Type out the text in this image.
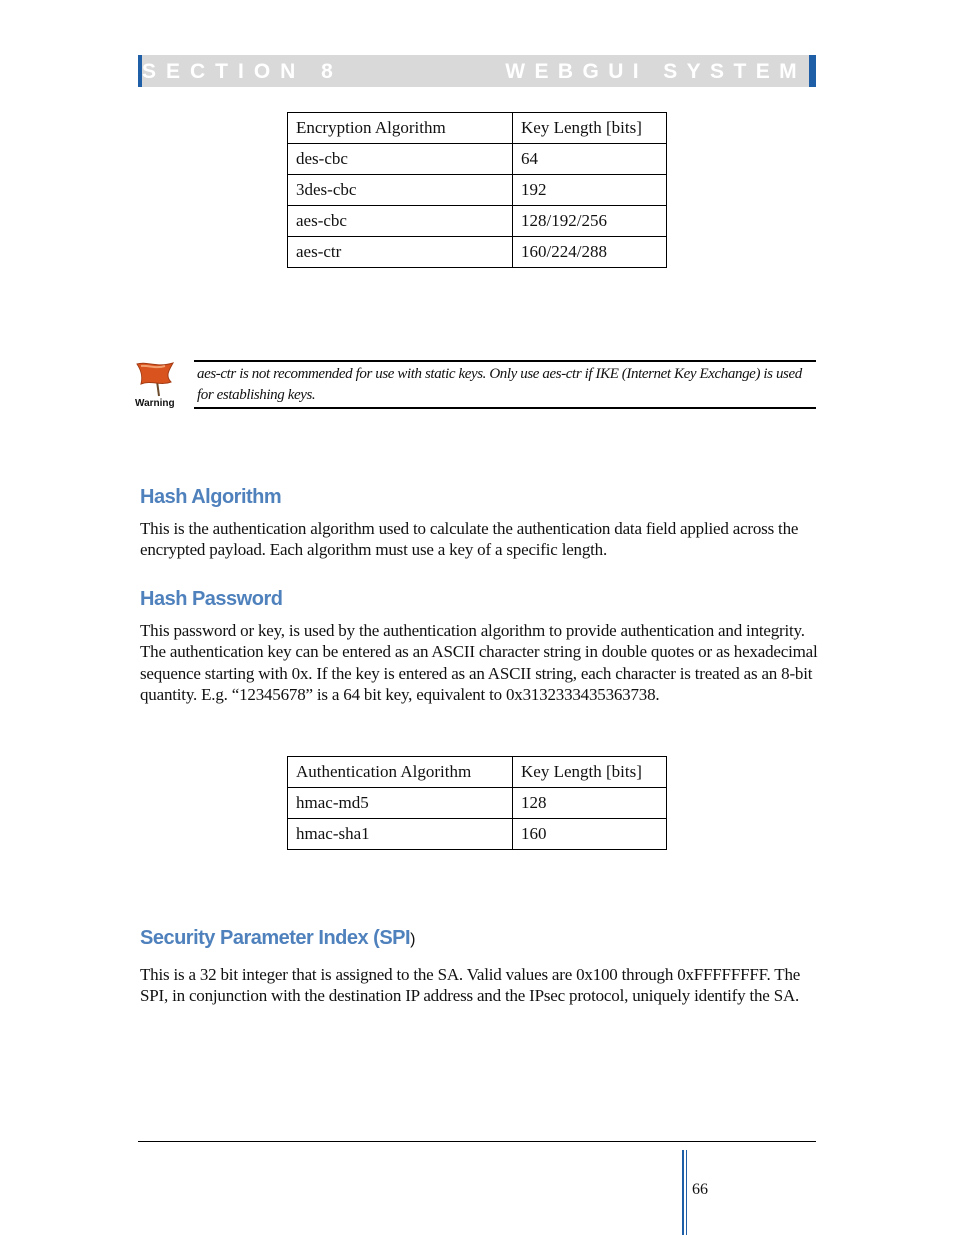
SECTION 8	WEBGUI SYSTEM
Encryption Algorithm	Key Length [bits]
des-cbc	64
3des-cbc	192
aes-cbc	128/192/256
aes-ctr	160/224/288
Warning
aes-ctr is not recommended for use with static keys. Only use aes-ctr if IKE (Internet Key Exchange) is used for establishing keys.
Hash Algorithm

This is the authentication algorithm used to calculate the authentication data field applied across the encrypted payload. Each algorithm must use a key of a specific length.

Hash Password

This password or key, is used by the authentication algorithm to provide authentication and integrity. The authentication key can be entered as an ASCII character string in double quotes or as hexadecimal sequence starting with 0x. If the key is entered as an ASCII string, each character is treated as an 8-bit quantity. E.g. “12345678” is a 64 bit key, equivalent to 0x3132333435363738.

Authentication Algorithm	Key Length [bits]
hmac-md5	128
hmac-sha1	160
Security Parameter Index (SPI)

This is a 32 bit integer that is assigned to the SA. Valid values are 0x100 through 0xFFFFFFFF. The SPI, in conjunction with the destination IP address and the IPsec protocol, uniquely identify the SA.

66
